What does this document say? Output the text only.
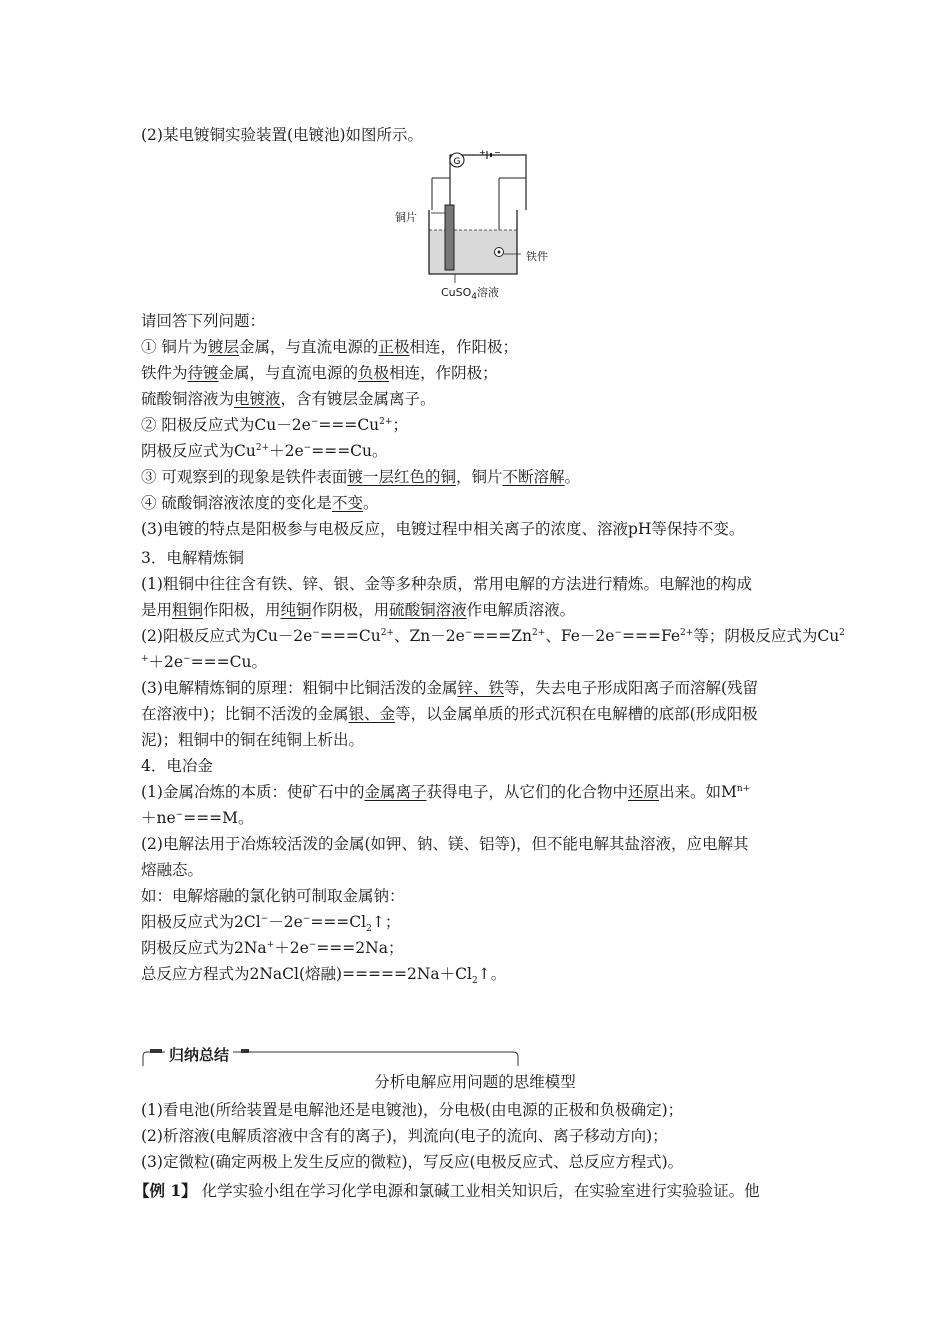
(2)某电镀铜实验装置(电镀池)如图所示。
G
+ −
铜片
铁件
CuSO$_4$溶液
请回答下列问题：
① 铜片为镀层金属，与直流电源的正极相连，作阳极；
铁件为待镀金属，与直流电源的负极相连，作阴极；
硫酸铜溶液为电镀液，含有镀层金属离子。
② 阳极反应式为$Cu-2e^-===Cu^{2+}$；
阴极反应式为$Cu^{2+}+2e^-===Cu$。
③ 可观察到的现象是铁件表面镀一层红色的铜，铜片不断溶解。
④ 硫酸铜溶液浓度的变化是不变。
(3)电镀的特点是阳极参与电极反应，电镀过程中相关离子的浓度、溶液pH等保持不变。
3．电解精炼铜
(1)粗铜中往往含有铁、锌、银、金等多种杂质，常用电解的方法进行精炼。电解池的构成
是用粗铜作阳极，用纯铜作阴极，用硫酸铜溶液作电解质溶液。
(2)阳极反应式为$Cu-2e^-===Cu^{2+}$、$Zn-2e^-===Zn^{2+}$、$Fe-2e^-===Fe^{2+}$等；阴极反应式为Cu$^2$
+＋2e−===Cu。
(3)电解精炼铜的原理：粗铜中比铜活泼的金属锌、铁等，失去电子形成阳离子而溶解(残留
在溶液中)；比铜不活泼的金属银、金等，以金属单质的形式沉积在电解槽的底部(形成阳极
泥)；粗铜中的铜在纯铜上析出。
4．电冶金
(1)金属冶炼的本质：使矿石中的金属离子获得电子，从它们的化合物中还原出来。如$M^{n+}$
＋ne−===M。
(2)电解法用于冶炼较活泼的金属(如钾、钠、镁、铝等)，但不能电解其盐溶液，应电解其
熔融态。
如：电解熔融的氯化钠可制取金属钠：
阳极反应式为$2Cl^--2e^-===Cl_2↑$；
阴极反应式为2Na+＋2e−===2Na；
总反应方程式为2NaCl(熔融)$=====2Na+Cl_2↑$。
归纳总结
分析电解应用问题的思维模型
(1)看电池(所给装置是电解池还是电镀池)，分电极(由电源的正极和负极确定)；
(2)析溶液(电解质溶液中含有的离子)，判流向(电子的流向、离子移动方向)；
(3)定微粒(确定两极上发生反应的微粒)，写反应(电极反应式、总反应方程式)。
【例 1】 化学实验小组在学习化学电源和氯碱工业相关知识后，在实验室进行实验验证。他
